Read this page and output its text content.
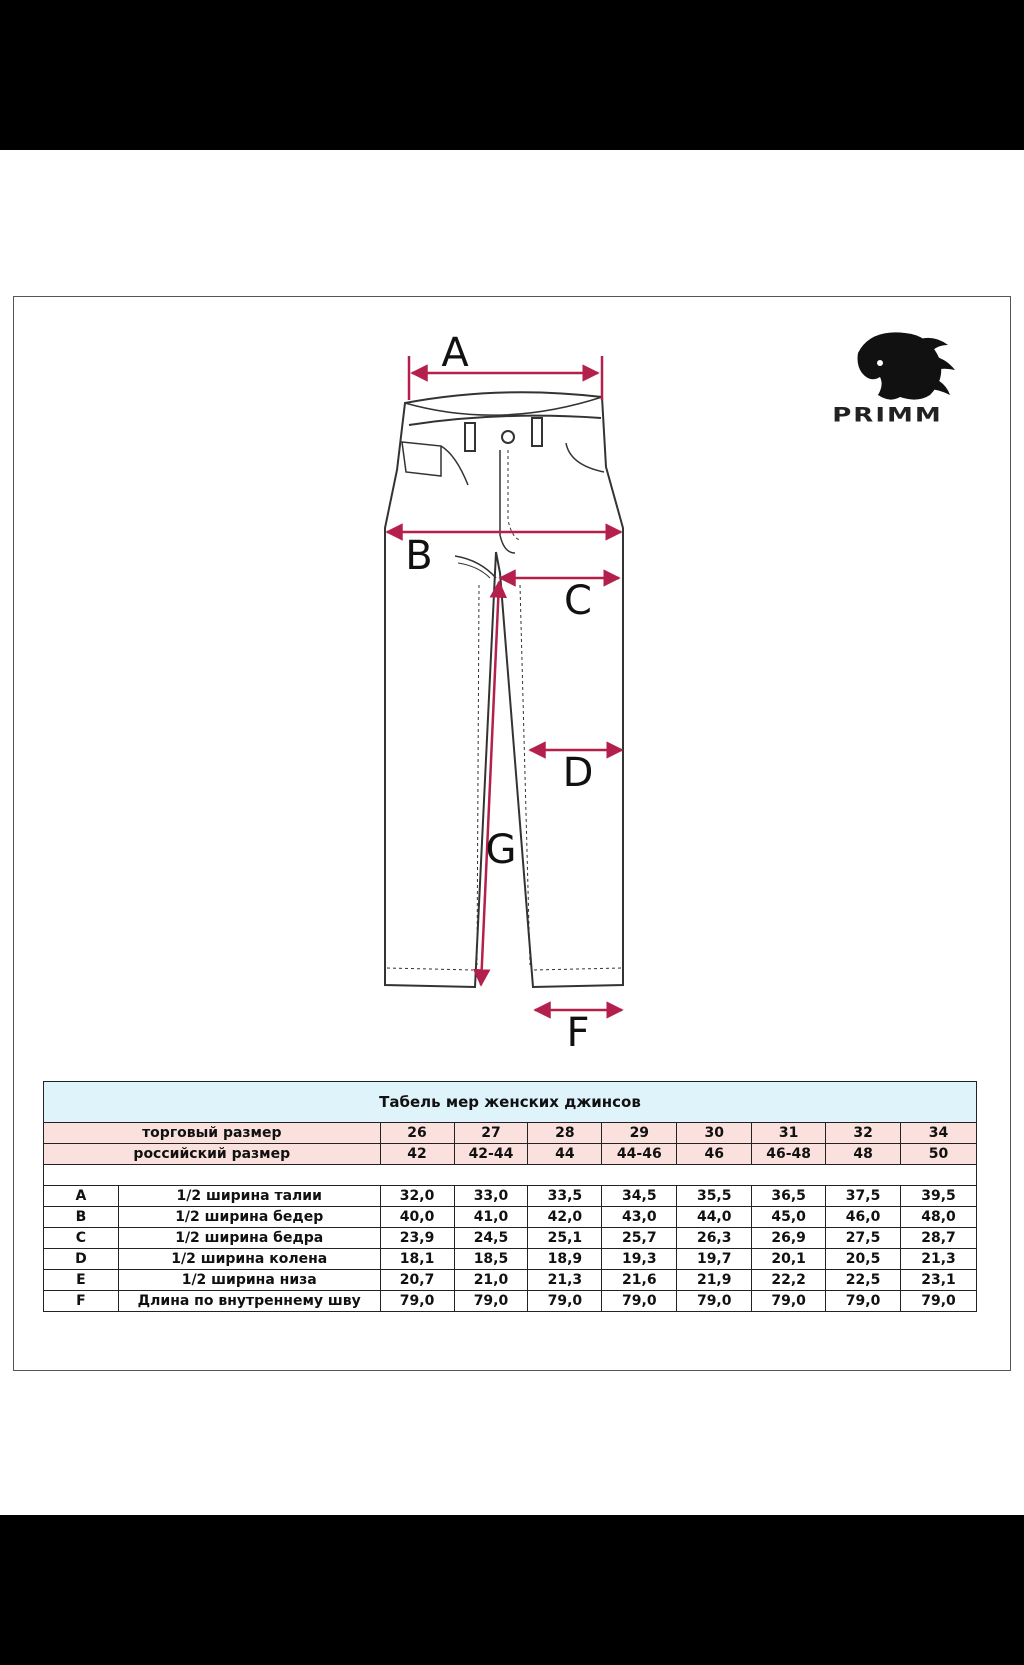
A
B
C
D
G
F
PRIMM
Табель мер женских джинсов									
торговый размер		26	27	28	29	30	31	32	34
российский размер		42	42-44	44	44-46	46	46-48	48	50

A	1/2 ширина талии	32,0	33,0	33,5	34,5	35,5	36,5	37,5	39,5
B	1/2 ширина бедер	40,0	41,0	42,0	43,0	44,0	45,0	46,0	48,0
C	1/2 ширина бедра	23,9	24,5	25,1	25,7	26,3	26,9	27,5	28,7
D	1/2 ширина колена	18,1	18,5	18,9	19,3	19,7	20,1	20,5	21,3
E	1/2 ширина низа	20,7	21,0	21,3	21,6	21,9	22,2	22,5	23,1
F	Длина по внутреннему шву	79,0	79,0	79,0	79,0	79,0	79,0	79,0	79,0
